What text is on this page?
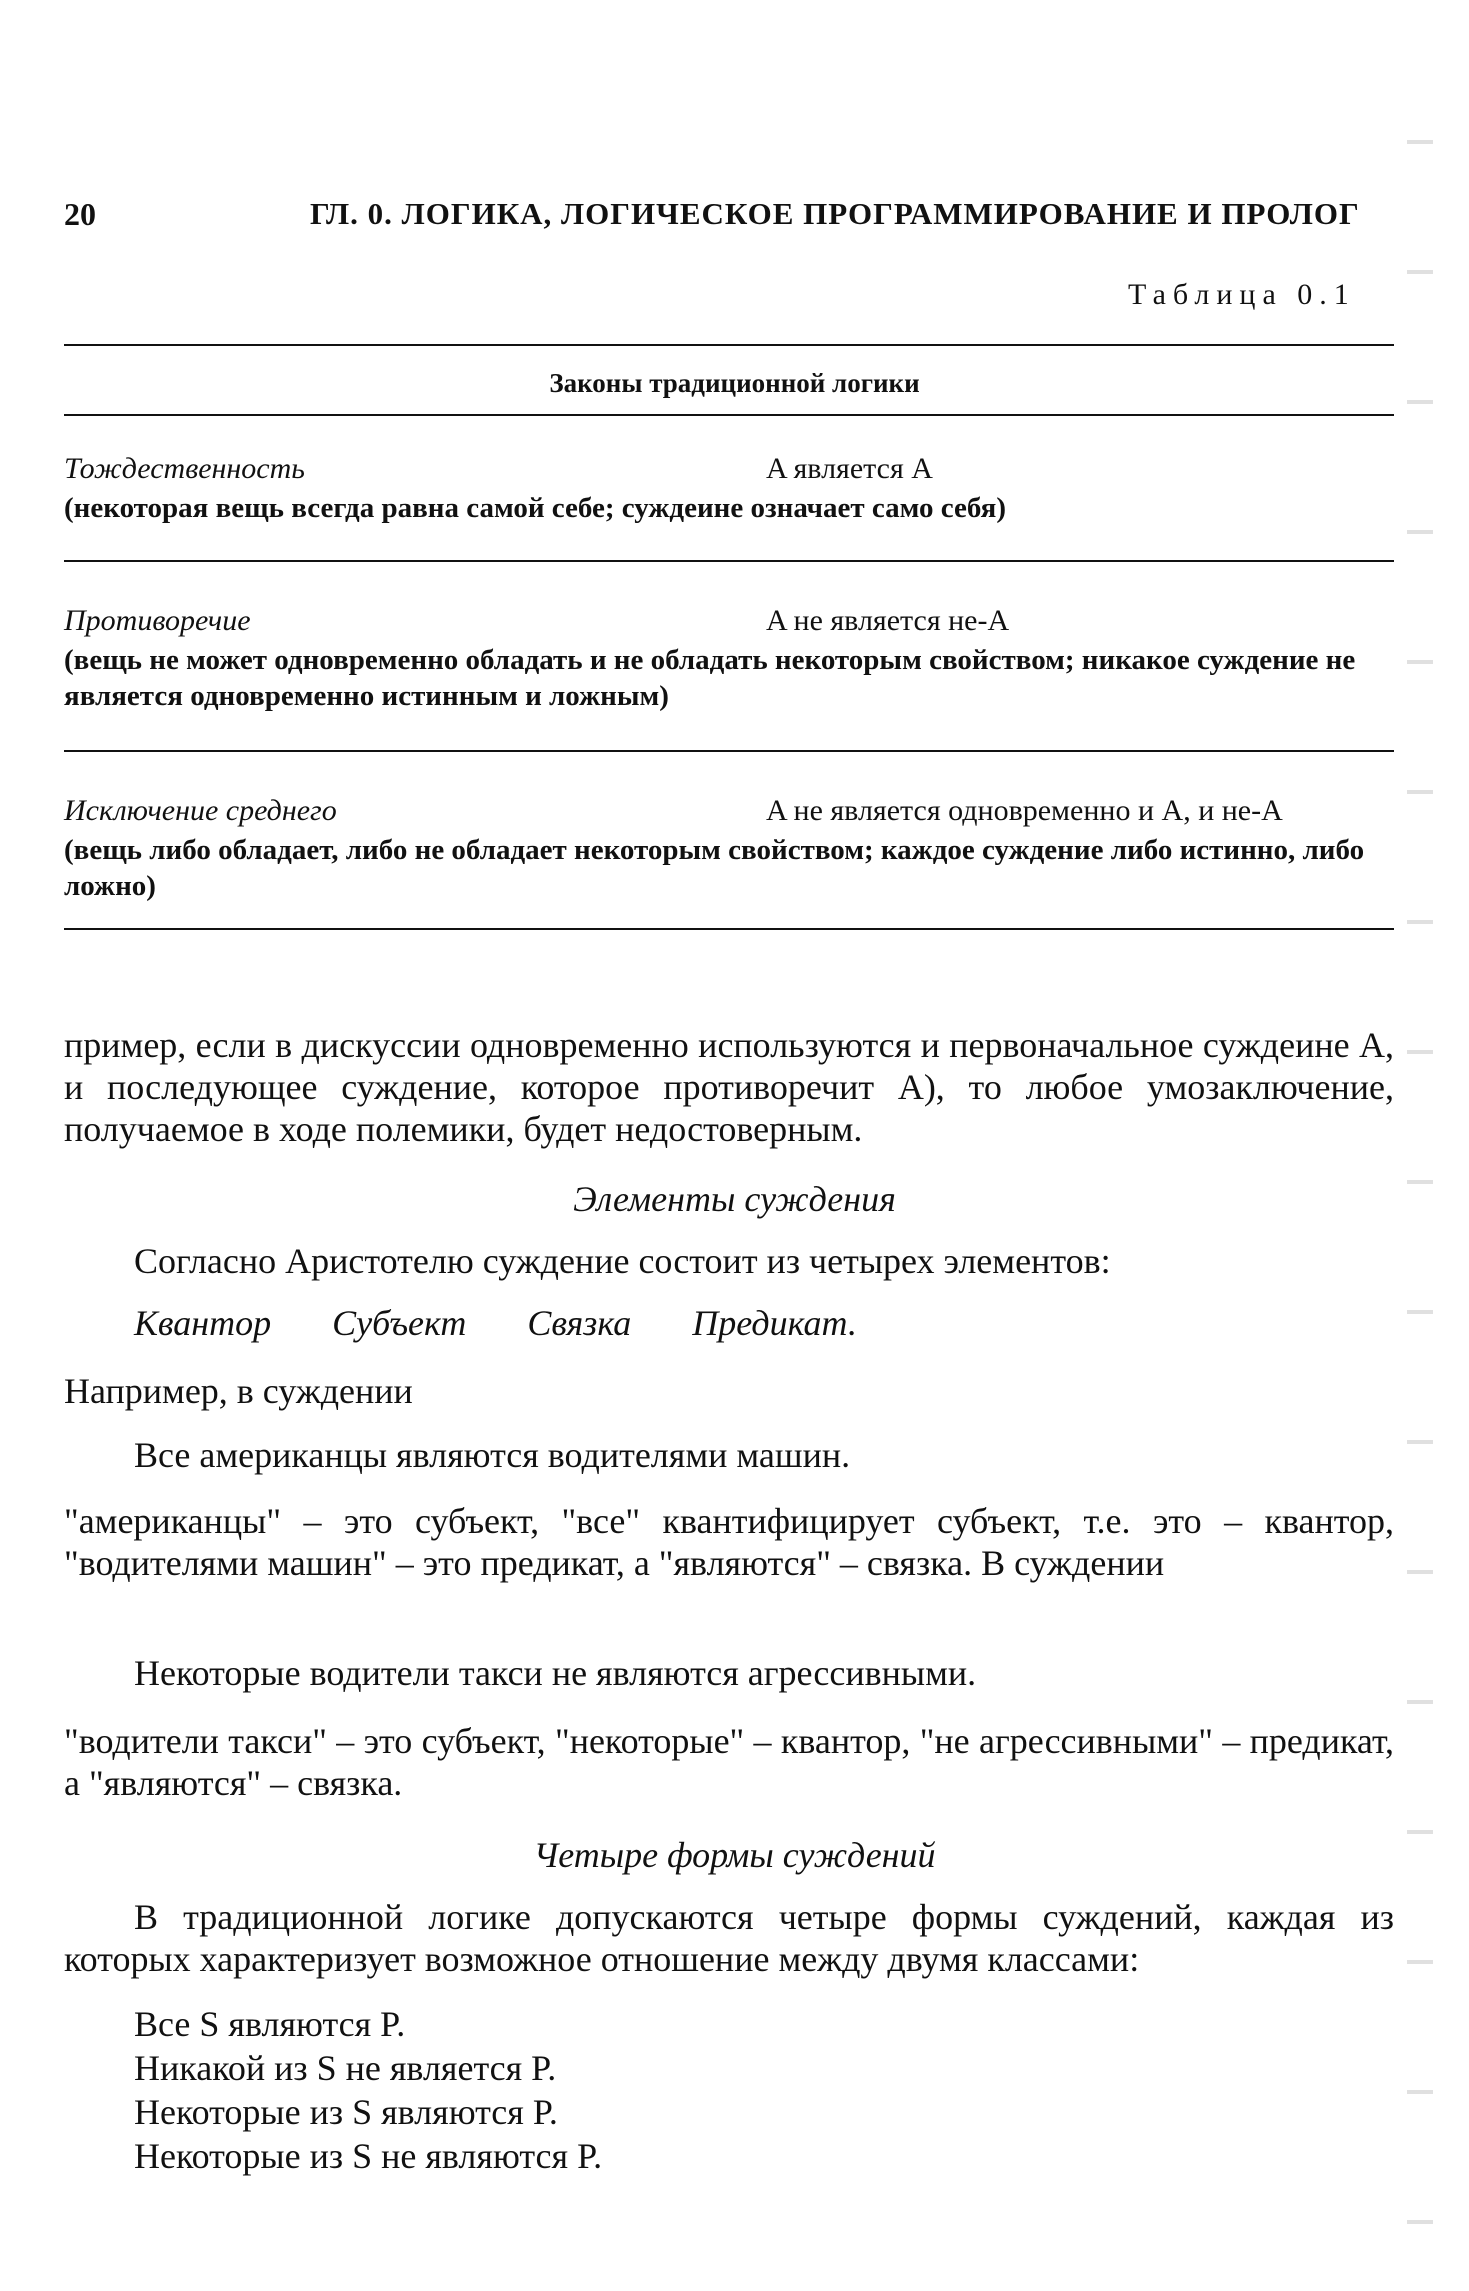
20	ГЛ. 0. ЛОГИКА, ЛОГИЧЕСКОЕ ПРОГРАММИРОВАНИЕ И ПРОЛОГ
Таблица 0.1
Законы традиционной логики
Тождественность	A является A
(некоторая вещь всегда равна самой себе; суждеине означает само себя)
Противоречие	A не является не-A
(вещь не может одновременно обладать и не обладать некоторым свойством; никакое суждение не является одновременно истинным и ложным)
Исключение среднего	A не является одновременно и A, и не-A
(вещь либо обладает, либо не обладает некоторым свойством; каждое суждение либо истинно, либо ложно)
пример, если в дискуссии одновременно используются и первоначальное суждеине А, и последующее суждение, которое противоречит А), то любое умозаключение, получаемое в ходе полемики, будет недостоверным.
Элементы суждения
Согласно Аристотелю суждение состоит из четырех элементов:
Квантор Субъект Связка Предикат.
Например, в суждении
Все американцы являются водителями машин.
"американцы" – это субъект, "все" квантифицирует субъект, т.е. это – квантор, "водителями машин" – это предикат, а "являются" – связка. В суждении
Некоторые водители такси не являются агрессивными.
"водители такси" – это субъект, "некоторые" – квантор, "не агрессивными" – предикат, а "являются" – связка.
Четыре формы суждений
В традиционной логике допускаются четыре формы суждений, каждая из которых характеризует возможное отношение между двумя классами:
Все S являются P.
Никакой из S не является P.
Некоторые из S являются P.
Некоторые из S не являются P.
